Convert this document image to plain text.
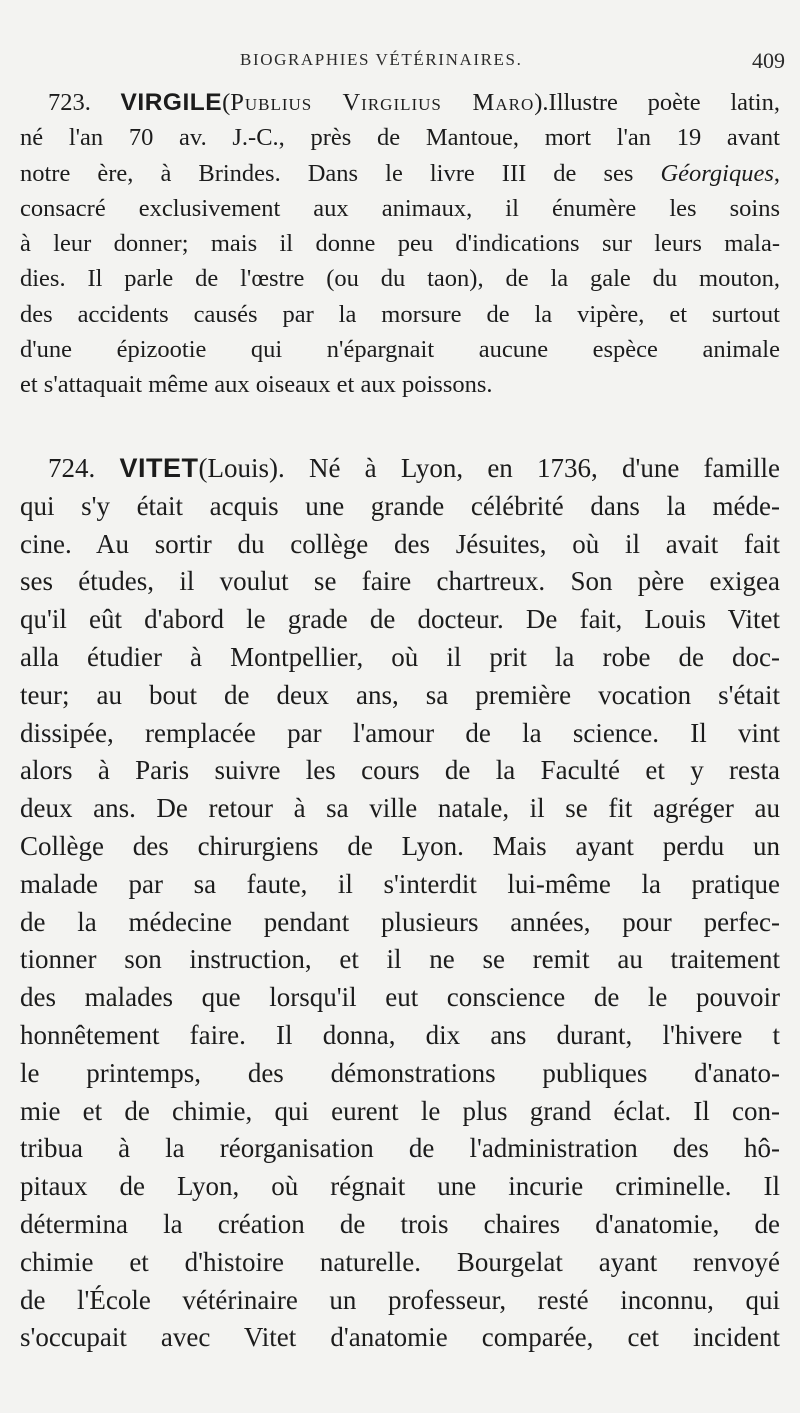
BIOGRAPHIES VÉTÉRINAIRES.	409
723. VIRGILE(Publius Virgilius Maro).Illustre poète latin,
né l'an 70 av. J.-C., près de Mantoue, mort l'an 19 avant
notre ère, à Brindes. Dans le livre III de ses Géorgiques,
consacré exclusivement aux animaux, il énumère les soins
à leur donner; mais il donne peu d'indications sur leurs mala-
dies. Il parle de l'œstre (ou du taon), de la gale du mouton,
des accidents causés par la morsure de la vipère, et surtout
d'une épizootie qui n'épargnait aucune espèce animale
et s'attaquait même aux oiseaux et aux poissons.
724. VITET(Louis). Né à Lyon, en 1736, d'une famille
qui s'y était acquis une grande célébrité dans la méde-
cine. Au sortir du collège des Jésuites, où il avait fait
ses études, il voulut se faire chartreux. Son père exigea
qu'il eût d'abord le grade de docteur. De fait, Louis Vitet
alla étudier à Montpellier, où il prit la robe de doc-
teur; au bout de deux ans, sa première vocation s'était
dissipée, remplacée par l'amour de la science. Il vint
alors à Paris suivre les cours de la Faculté et y resta
deux ans. De retour à sa ville natale, il se fit agréger au
Collège des chirurgiens de Lyon. Mais ayant perdu un
malade par sa faute, il s'interdit lui-même la pratique
de la médecine pendant plusieurs années, pour perfec-
tionner son instruction, et il ne se remit au traitement
des malades que lorsqu'il eut conscience de le pouvoir
honnêtement faire. Il donna, dix ans durant, l'hivere t
le printemps, des démonstrations publiques d'anato-
mie et de chimie, qui eurent le plus grand éclat. Il con-
tribua à la réorganisation de l'administration des hô-
pitaux de Lyon, où régnait une incurie criminelle. Il
détermina la création de trois chaires d'anatomie, de
chimie et d'histoire naturelle. Bourgelat ayant renvoyé
de l'École vétérinaire un professeur, resté inconnu, qui
s'occupait avec Vitet d'anatomie comparée, cet incident
